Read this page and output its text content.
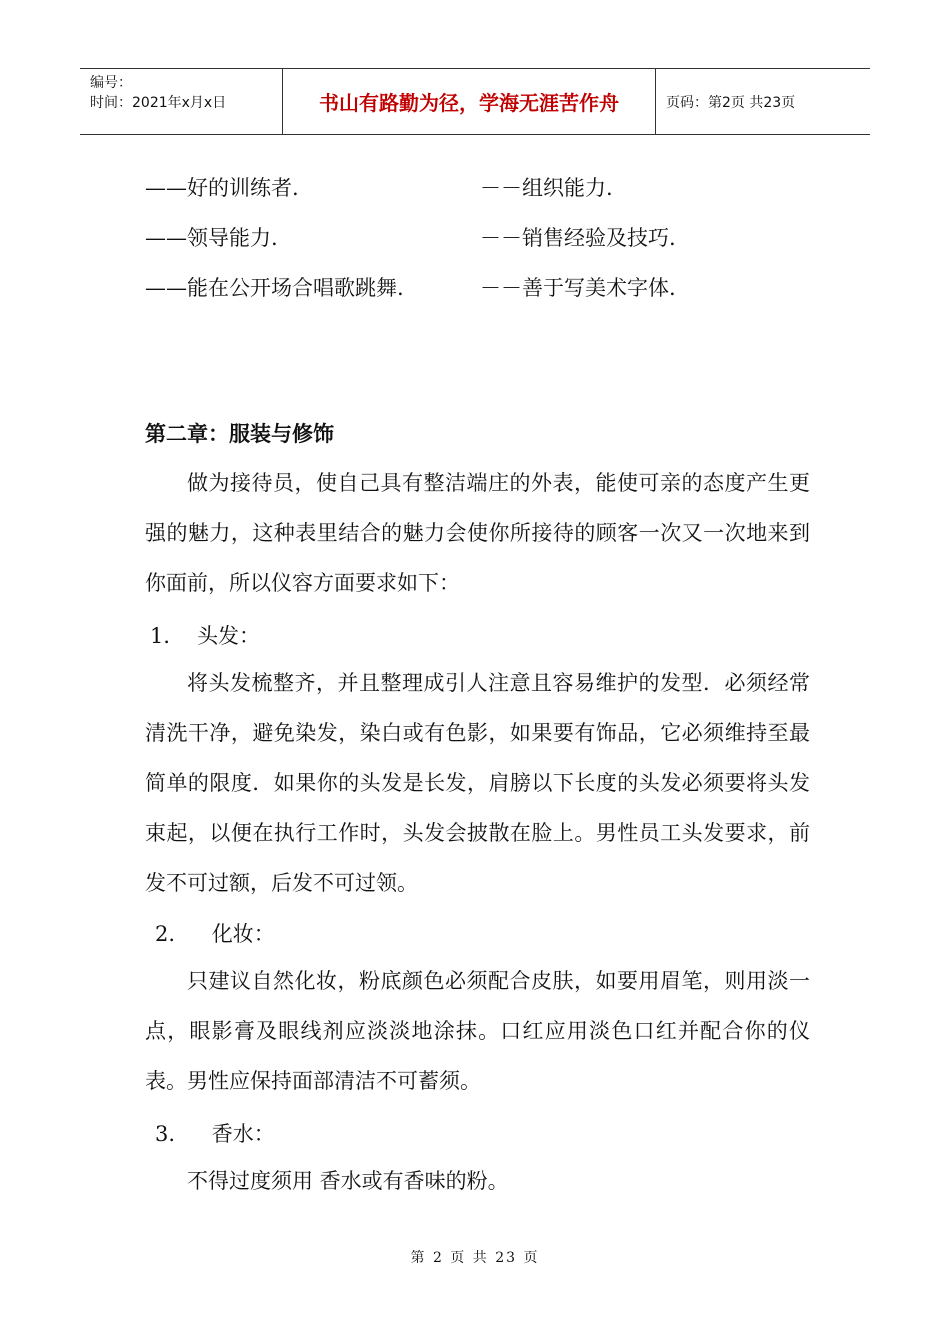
编号：
时间：2021年x月x日	书山有路勤为径，学海无涯苦作舟	页码：第2页 共23页
——好的训练者.	－－组织能力.
——领导能力.	－－销售经验及技巧.
——能在公开场合唱歌跳舞.	－－善于写美术字体.
第二章：服装与修饰
做为接待员，使自己具有整洁端庄的外表，能使可亲的态度产生更强的魅力，这种表里结合的魅力会使你所接待的顾客一次又一次地来到你面前，所以仪容方面要求如下：
1． 头发：
将头发梳整齐，并且整理成引人注意且容易维护的发型．必须经常清洗干净，避免染发，染白或有色影，如果要有饰品，它必须维持至最简单的限度．如果你的头发是长发，肩膀以下长度的头发必须要将头发束起，以便在执行工作时，头发会披散在脸上。男性员工头发要求，前发不可过额，后发不可过领。
2. 化妆：
只建议自然化妆，粉底颜色必须配合皮肤，如要用眉笔，则用淡一点，眼影膏及眼线剂应淡淡地涂抹。口红应用淡色口红并配合你的仪表。男性应保持面部清洁不可蓄须。
3. 香水：
不得过度须用 香水或有香味的粉。
第 2 页 共 23 页
